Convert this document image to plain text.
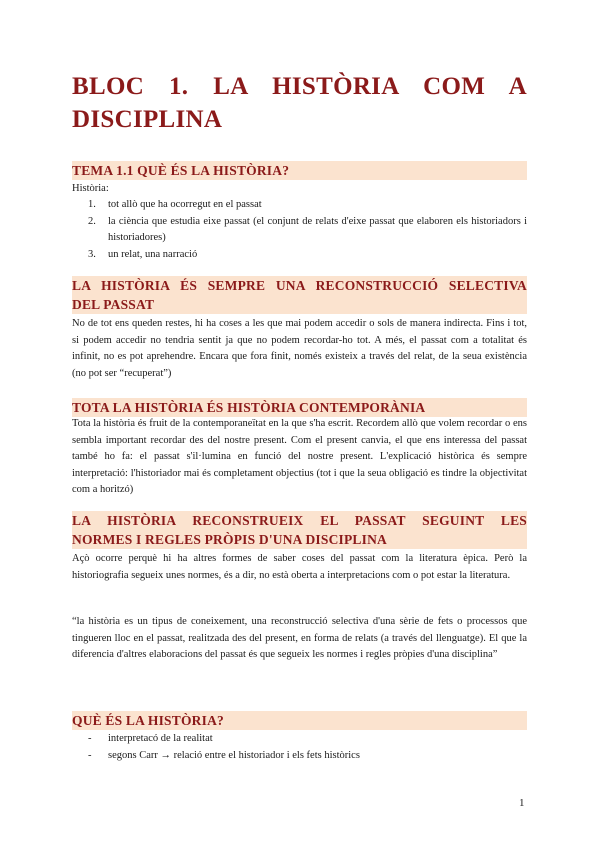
BLOC 1. LA HISTÒRIA COM A
DISCIPLINA
TEMA 1.1 QUÈ ÉS LA HISTÒRIA?

Història:

1. tot allò que ha ocorregut en el passat
2. la ciència que estudia eixe passat (el conjunt de relats d'eixe passat que elaboren els historiadors i historiadores)
3. un relat, una narració
LA HISTÒRIA ÉS SEMPRE UNA RECONSTRUCCIÓ SELECTIVA
DEL PASSAT

No de tot ens queden restes, hi ha coses a les que mai podem accedir o sols de manera indirecta. Fins i tot, si podem accedir no tendria sentit ja que no podem recordar-ho tot. A més, el passat com a totalitat és infinit, no es pot aprehendre. Encara que fora finit, només existeix a través del relat, de la seua existència (no pot ser “recuperat”)

TOTA LA HISTÒRIA ÉS HISTÒRIA CONTEMPORÀNIA

Tota la història és fruit de la contemporaneïtat en la que s'ha escrit. Recordem allò que volem recordar o ens sembla important recordar des del nostre present. Com el present canvia, el que ens interessa del passat també ho fa: el passat s'il·lumina en funció del nostre present. L'explicació històrica és sempre interpretació: l'historiador mai és completament objectius (tot i que la seua obligació es tindre la objectivitat com a horitzó)

LA HISTÒRIA RECONSTRUEIX EL PASSAT SEGUINT LES
NORMES I REGLES PRÒPIS D'UNA DISCIPLINA

Açò ocorre perquè hi ha altres formes de saber coses del passat com la literatura èpica. Però la historiografia segueix unes normes, és a dir, no està oberta a interpretacions com o pot estar la literatura.

“la història es un tipus de coneixement, una reconstrucció selectiva d'una sèrie de fets o processos que tingueren lloc en el passat, realitzada des del present, en forma de relats (a través del llenguatge). El que la diferencia d'altres elaboracions del passat és que segueix les normes i regles pròpies d'una disciplina”

QUÈ ÉS LA HISTÒRIA?
- interpretacó de la realitat
- segons Carr → relació entre el historiador i els fets històrics
1
